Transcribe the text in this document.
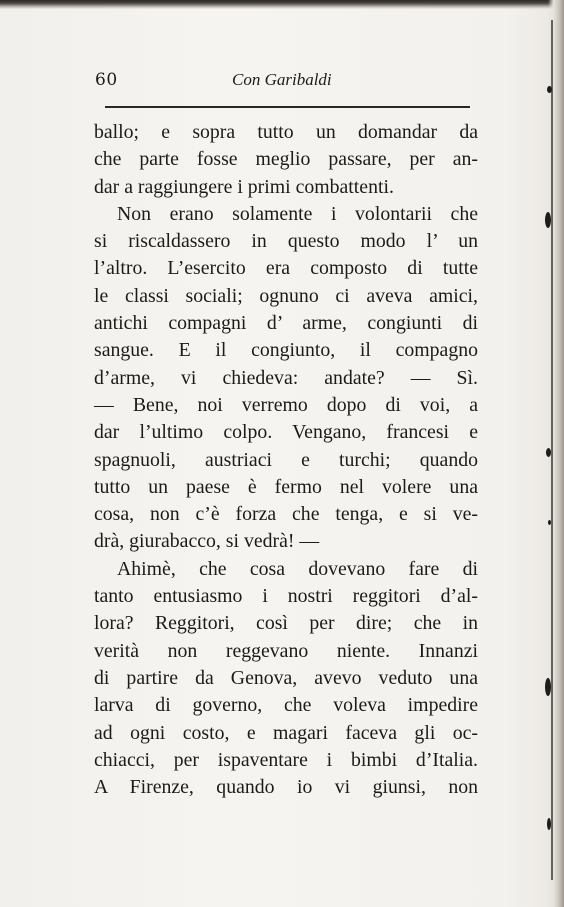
60	Con Garibaldi
ballo; e sopra tutto un domandar da
che parte fosse meglio passare, per an-
dar a raggiungere i primi combattenti.
Non erano solamente i volontarii che
si riscaldassero in questo modo l’ un
l’altro. L’esercito era composto di tutte
le classi sociali; ognuno ci aveva amici,
antichi compagni d’ arme, congiunti di
sangue. E il congiunto, il compagno
d’arme, vi chiedeva: andate? — Sì.
— Bene, noi verremo dopo di voi, a
dar l’ultimo colpo. Vengano, francesi e
spagnuoli, austriaci e turchi; quando
tutto un paese è fermo nel volere una
cosa, non c’è forza che tenga, e si ve-
drà, giurabacco, si vedrà! —
Ahimè, che cosa dovevano fare di
tanto entusiasmo i nostri reggitori d’al-
lora? Reggitori, così per dire; che in
verità non reggevano niente. Innanzi
di partire da Genova, avevo veduto una
larva di governo, che voleva impedire
ad ogni costo, e magari faceva gli oc-
chiacci, per ispaventare i bimbi d’Italia.
A Firenze, quando io vi giunsi, non
